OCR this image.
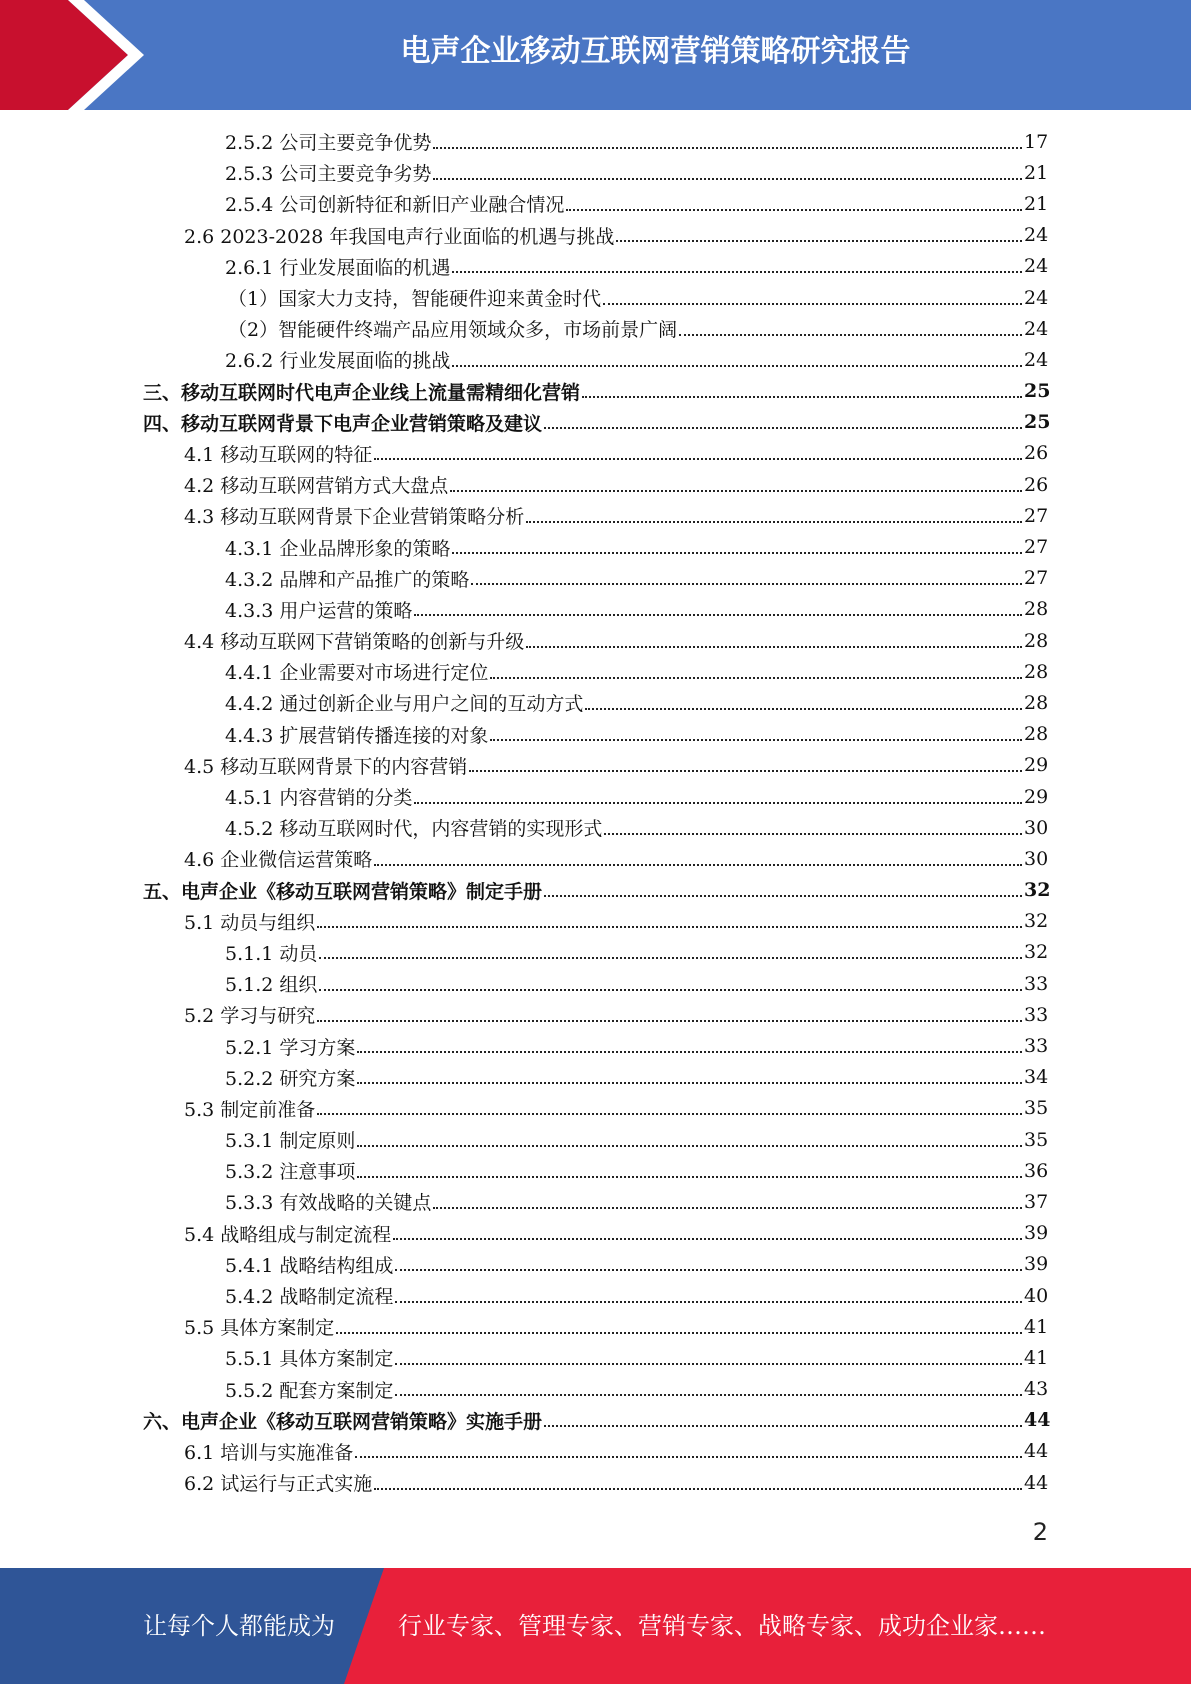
电声企业移动互联网营销策略研究报告
2.5.2 公司主要竞争优势	17
2.5.3 公司主要竞争劣势	21
2.5.4 公司创新特征和新旧产业融合情况	21
2.6 2023-2028 年我国电声行业面临的机遇与挑战	24
2.6.1 行业发展面临的机遇	24
（1）国家大力支持，智能硬件迎来黄金时代	24
（2）智能硬件终端产品应用领域众多，市场前景广阔	24
2.6.2 行业发展面临的挑战	24
三、移动互联网时代电声企业线上流量需精细化营销	25
四、移动互联网背景下电声企业营销策略及建议	25
4.1 移动互联网的特征	26
4.2 移动互联网营销方式大盘点	26
4.3 移动互联网背景下企业营销策略分析	27
4.3.1 企业品牌形象的策略	27
4.3.2 品牌和产品推广的策略	27
4.3.3 用户运营的策略	28
4.4 移动互联网下营销策略的创新与升级	28
4.4.1 企业需要对市场进行定位	28
4.4.2 通过创新企业与用户之间的互动方式	28
4.4.3 扩展营销传播连接的对象	28
4.5 移动互联网背景下的内容营销	29
4.5.1 内容营销的分类	29
4.5.2 移动互联网时代，内容营销的实现形式	30
4.6 企业微信运营策略	30
五、电声企业《移动互联网营销策略》制定手册	32
5.1 动员与组织	32
5.1.1 动员	32
5.1.2 组织	33
5.2 学习与研究	33
5.2.1 学习方案	33
5.2.2 研究方案	34
5.3 制定前准备	35
5.3.1 制定原则	35
5.3.2 注意事项	36
5.3.3 有效战略的关键点	37
5.4 战略组成与制定流程	39
5.4.1 战略结构组成	39
5.4.2 战略制定流程	40
5.5 具体方案制定	41
5.5.1 具体方案制定	41
5.5.2 配套方案制定	43
六、电声企业《移动互联网营销策略》实施手册	44
6.1 培训与实施准备	44
6.2 试运行与正式实施	44
2
让每个人都能成为	行业专家、管理专家、营销专家、战略专家、成功企业家……
